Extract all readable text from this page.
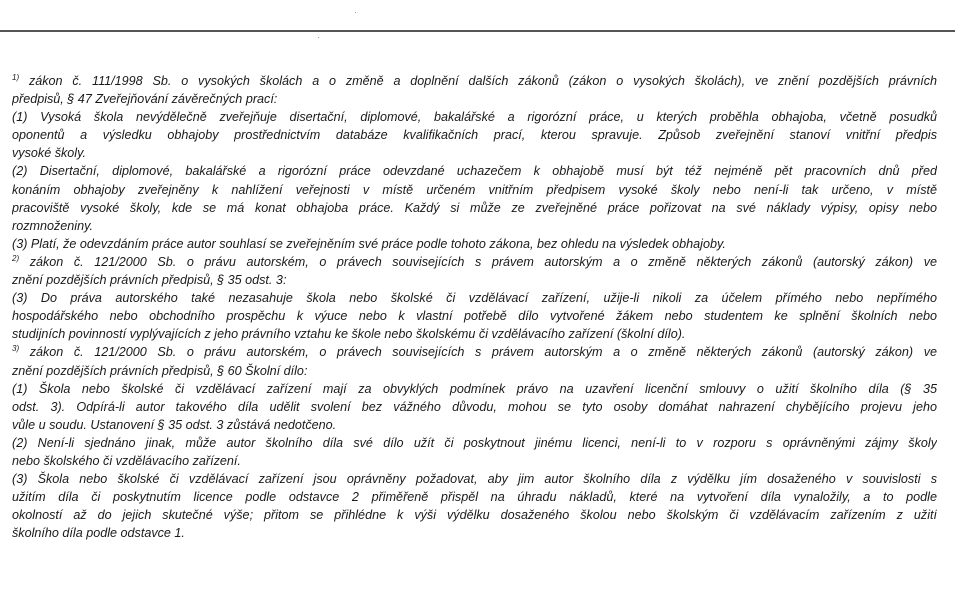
$^{1)}$ zákon č. 111/1998 Sb. o vysokých školách a o změně a doplnění dalších zákonů (zákon o vysokých školách), ve znění pozdějších právních
předpisů, § 47 Zveřejňování závěrečných prací:
(1) Vysoká škola nevýdělečně zveřejňuje disertační, diplomové, bakalářské a rigorózní práce, u kterých proběhla obhajoba, včetně posudků
oponentů a výsledku obhajoby prostřednictvím databáze kvalifikačních prací, kterou spravuje. Způsob zveřejnění stanoví vnitřní předpis
vysoké školy.
(2) Disertační, diplomové, bakalářské a rigorózní práce odevzdané uchazečem k obhajobě musí být též nejméně pět pracovních dnů před
konáním obhajoby zveřejněny k nahlížení veřejnosti v místě určeném vnitřním předpisem vysoké školy nebo není-li tak určeno, v místě
pracoviště vysoké školy, kde se má konat obhajoba práce. Každý si může ze zveřejněné práce pořizovat na své náklady výpisy, opisy nebo
rozmnoženiny.
(3) Platí, že odevzdáním práce autor souhlasí se zveřejněním své práce podle tohoto zákona, bez ohledu na výsledek obhajoby.
$^{2)}$ zákon č. 121/2000 Sb. o právu autorském, o právech souvisejících s právem autorským a o změně některých zákonů (autorský zákon) ve
znění pozdějších právních předpisů, § 35 odst. 3:
(3) Do práva autorského také nezasahuje škola nebo školské či vzdělávací zařízení, užije-li nikoli za účelem přímého nebo nepřímého
hospodářského nebo obchodního prospěchu k výuce nebo k vlastní potřebě dílo vytvořené žákem nebo studentem ke splnění školních nebo
studijních povinností vyplývajících z jeho právního vztahu ke škole nebo školskému či vzdělávacího zařízení (školní dílo).
$^{3)}$ zákon č. 121/2000 Sb. o právu autorském, o právech souvisejících s právem autorským a o změně některých zákonů (autorský zákon) ve
znění pozdějších právních předpisů, § 60 Školní dílo:
(1) Škola nebo školské či vzdělávací zařízení mají za obvyklých podmínek právo na uzavření licenční smlouvy o užití školního díla (§ 35
odst. 3). Odpírá-li autor takového díla udělit svolení bez vážného důvodu, mohou se tyto osoby domáhat nahrazení chybějícího projevu jeho
vůle u soudu. Ustanovení § 35 odst. 3 zůstává nedotčeno.
(2) Není-li sjednáno jinak, může autor školního díla své dílo užít či poskytnout jinému licenci, není-li to v rozporu s oprávněnými zájmy školy
nebo školského či vzdělávacího zařízení.
(3) Škola nebo školské či vzdělávací zařízení jsou oprávněny požadovat, aby jim autor školního díla z výdělku jím dosaženého v souvislosti s
užitím díla či poskytnutím licence podle odstavce 2 přiměřeně přispěl na úhradu nákladů, které na vytvoření díla vynaložily, a to podle
okolností až do jejich skutečné výše; přitom se přihlédne k výši výdělku dosaženého školou nebo školským či vzdělávacím zařízením z užití
školního díla podle odstavce 1.
